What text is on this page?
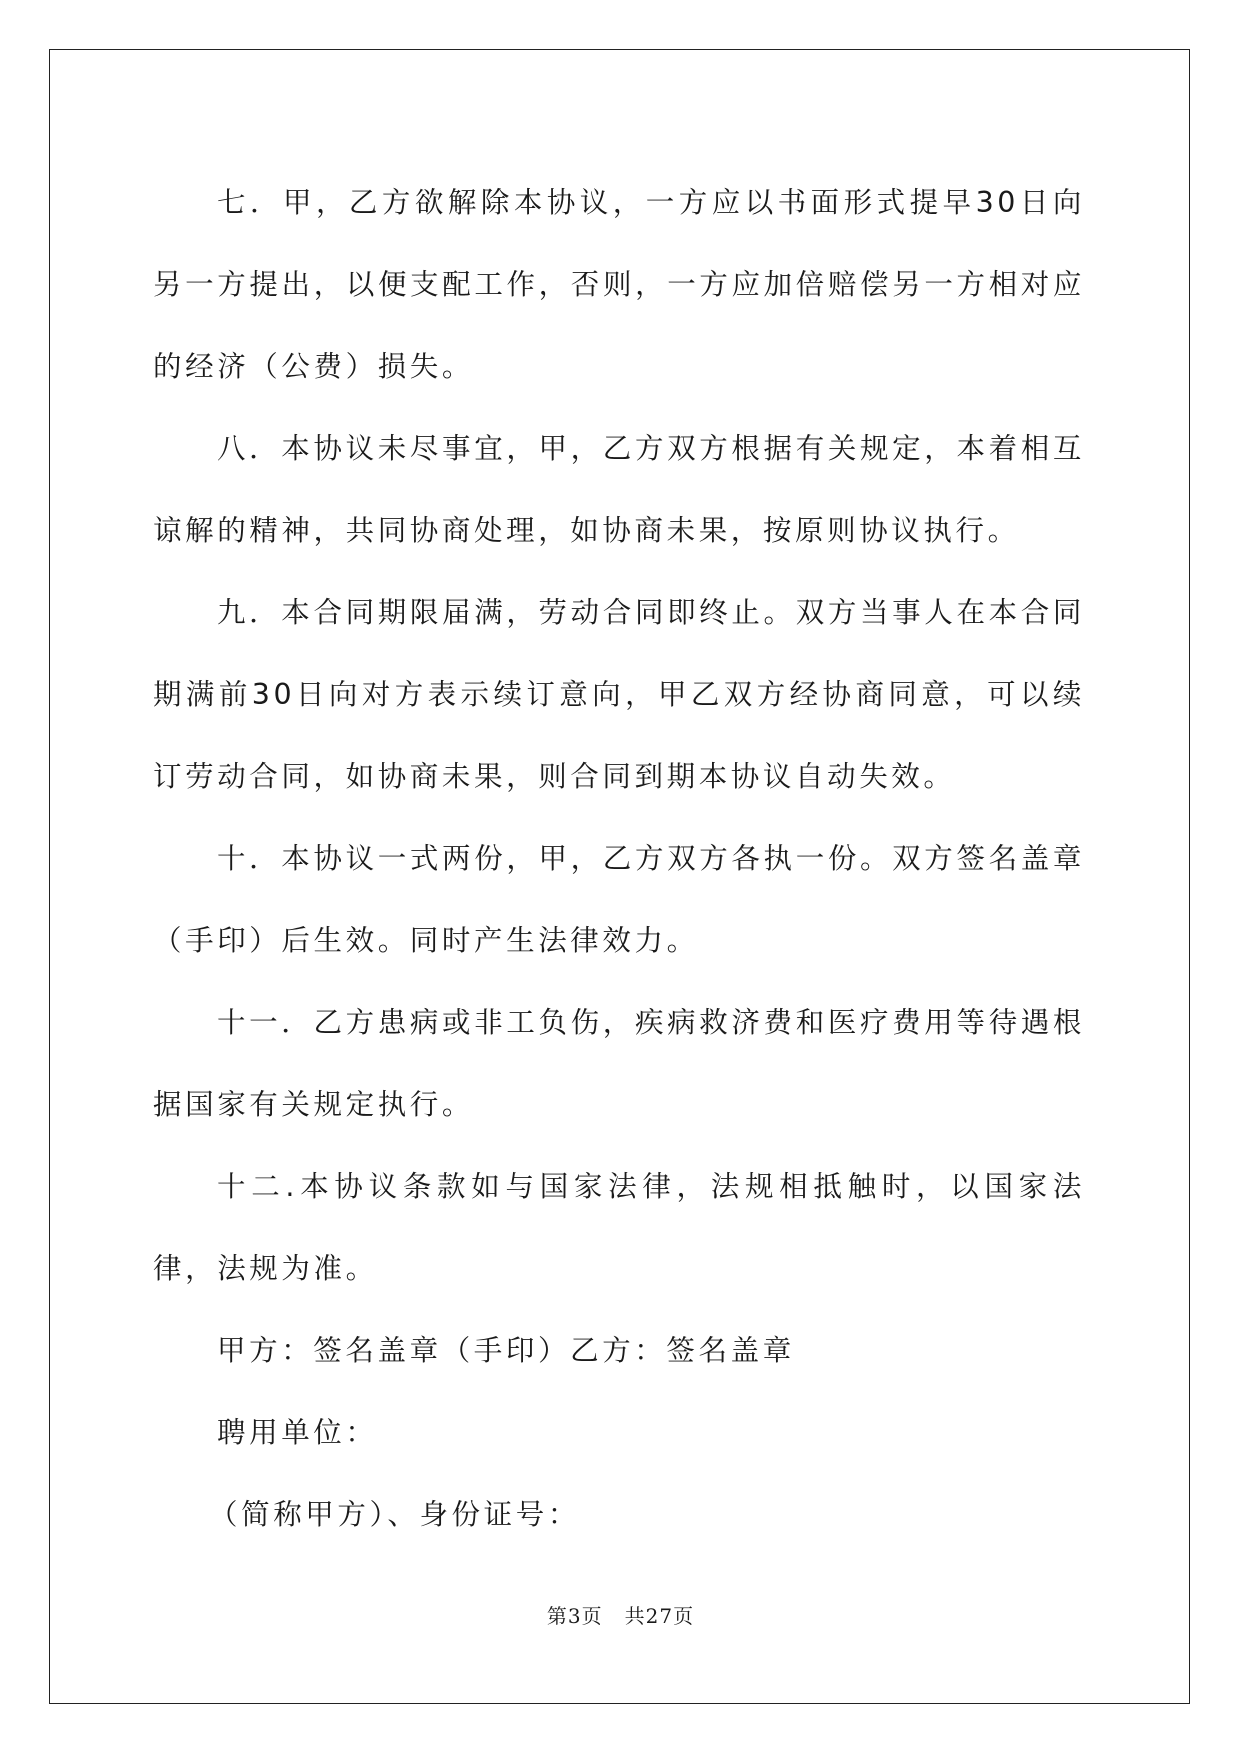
七．甲，乙方欲解除本协议，一方应以书面形式提早30日向另一方提出，以便支配工作，否则，一方应加倍赔偿另一方相对应的经济（公费）损失。

八．本协议未尽事宜，甲，乙方双方根据有关规定，本着相互谅解的精神，共同协商处理，如协商未果，按原则协议执行。

九．本合同期限届满，劳动合同即终止。双方当事人在本合同期满前30日向对方表示续订意向，甲乙双方经协商同意，可以续订劳动合同，如协商未果，则合同到期本协议自动失效。

十．本协议一式两份，甲，乙方双方各执一份。双方签名盖章（手印）后生效。同时产生法律效力。

十一．乙方患病或非工负伤，疾病救济费和医疗费用等待遇根据国家有关规定执行。

十二.本协议条款如与国家法律，法规相抵触时，以国家法律，法规为准。

甲方：签名盖章（手印）乙方：签名盖章

聘用单位：

（简称甲方）、身份证号：

第3页 共27页
